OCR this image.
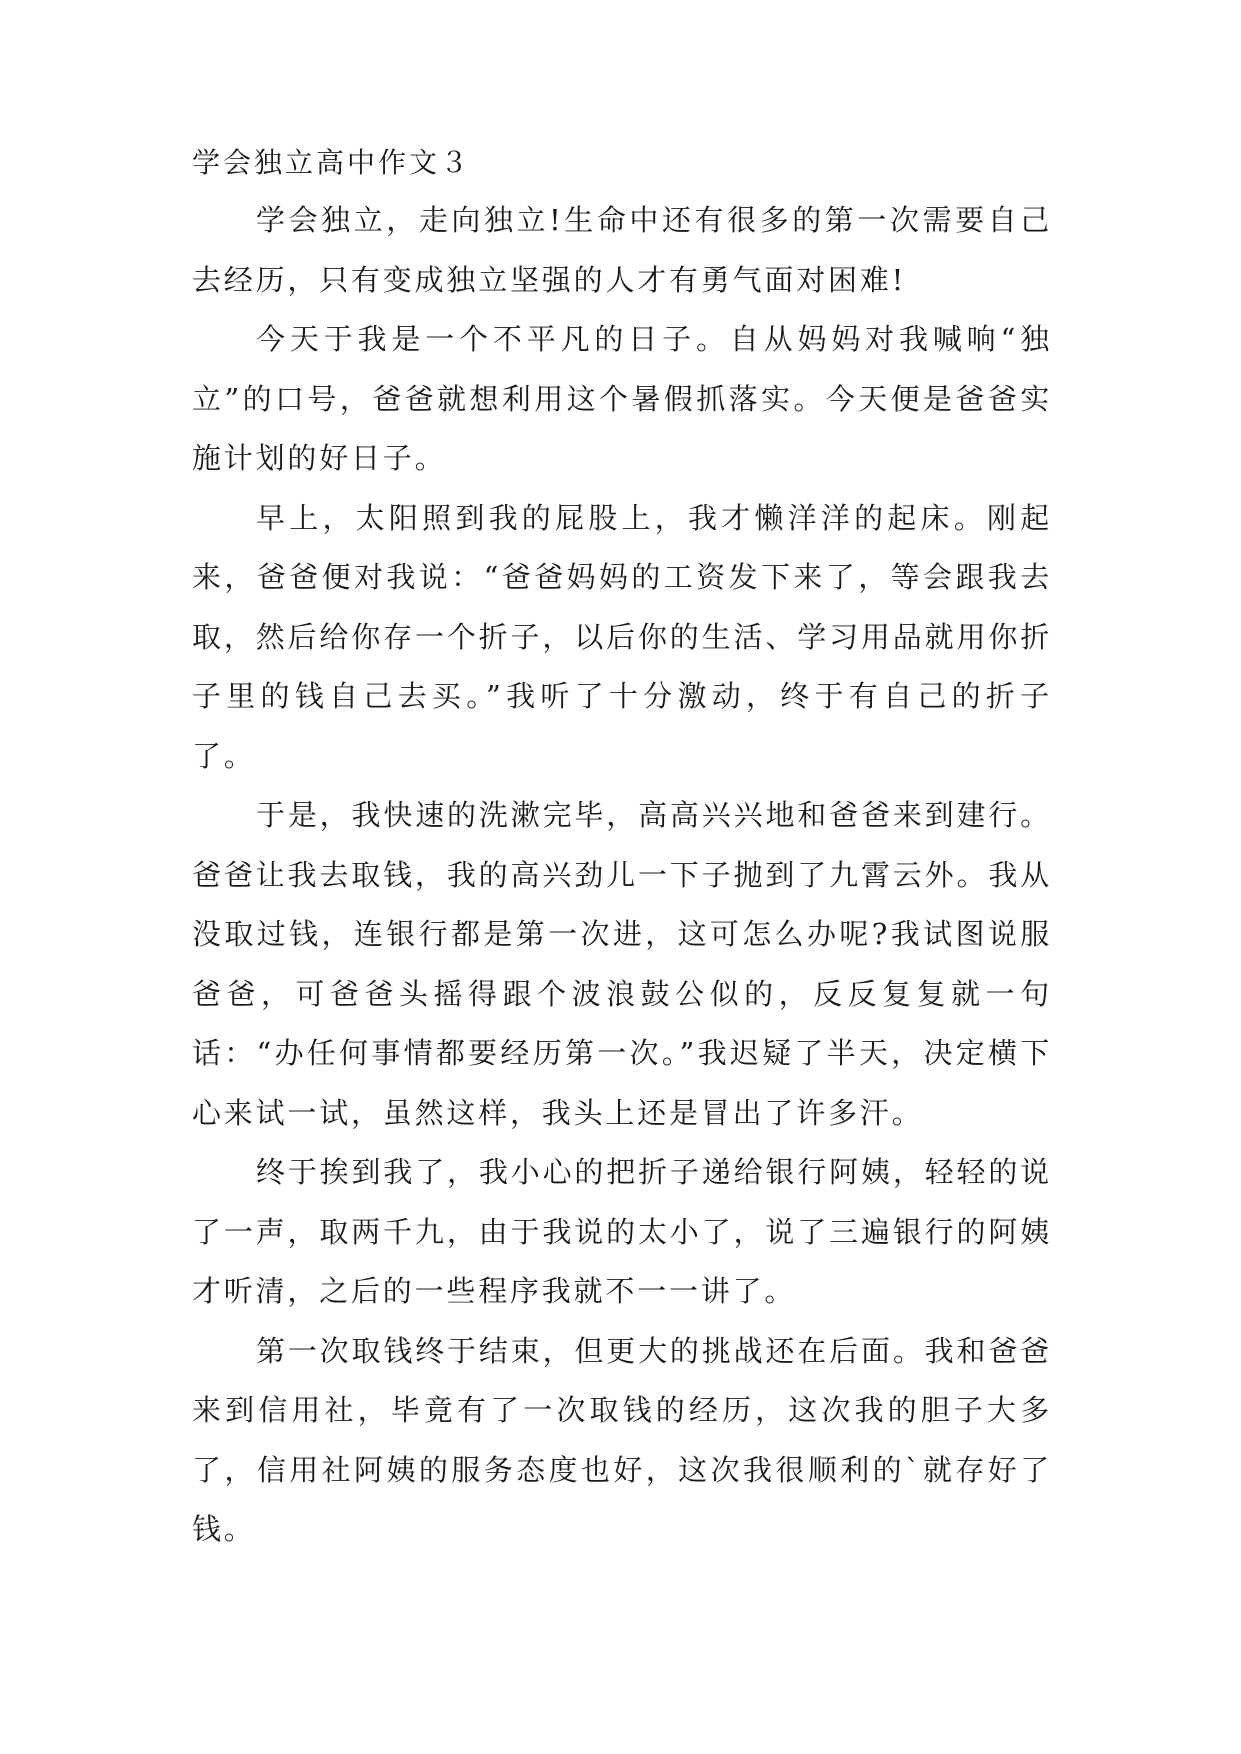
学会独立高中作文３

学会独立，走向独立!生命中还有很多的第一次需要自己去经历，只有变成独立坚强的人才有勇气面对困难!

今天于我是一个不平凡的日子。自从妈妈对我喊响“独立”的口号，爸爸就想利用这个暑假抓落实。今天便是爸爸实施计划的好日子。

早上，太阳照到我的屁股上，我才懒洋洋的起床。刚起来，爸爸便对我说：“爸爸妈妈的工资发下来了，等会跟我去取，然后给你存一个折子，以后你的生活、学习用品就用你折子里的钱自己去买。”我听了十分激动，终于有自己的折子了。

于是，我快速的洗漱完毕，高高兴兴地和爸爸来到建行。爸爸让我去取钱，我的高兴劲儿一下子抛到了九霄云外。我从没取过钱，连银行都是第一次进，这可怎么办呢?我试图说服爸爸，可爸爸头摇得跟个波浪鼓公似的，反反复复就一句话：“办任何事情都要经历第一次。”我迟疑了半天，决定横下心来试一试，虽然这样，我头上还是冒出了许多汗。

终于挨到我了，我小心的把折子递给银行阿姨，轻轻的说了一声，取两千九，由于我说的太小了，说了三遍银行的阿姨才听清，之后的一些程序我就不一一讲了。

第一次取钱终于结束，但更大的挑战还在后面。我和爸爸来到信用社，毕竟有了一次取钱的经历，这次我的胆子大多了，信用社阿姨的服务态度也好，这次我很顺利的`就存好了钱。
